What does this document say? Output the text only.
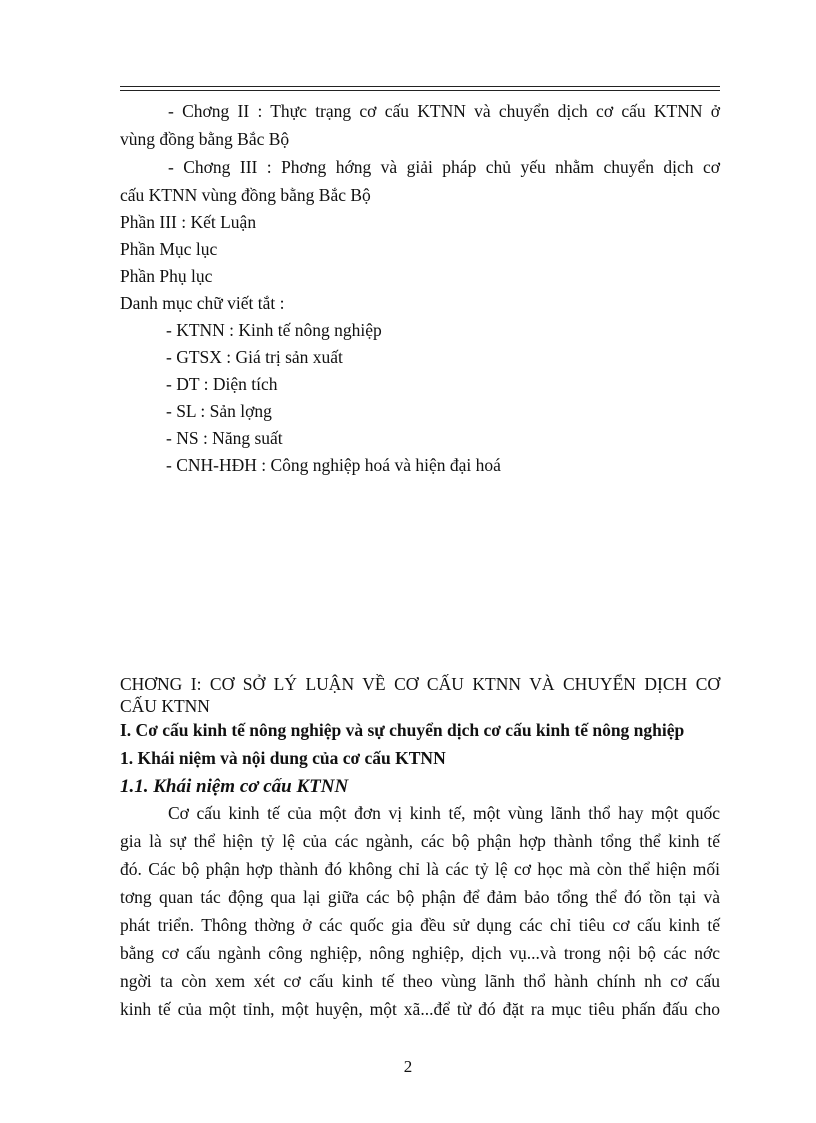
- Chơng II : Thực trạng cơ cấu KTNN và chuyển dịch cơ cấu KTNN ở
vùng đồng bằng Bắc Bộ
- Chơng III : Phơng hớng và giải pháp chủ yếu nhằm chuyển dịch cơ
cấu KTNN vùng đồng bằng Bắc Bộ
Phần III : Kết Luận
Phần Mục lục
Phần Phụ lục
Danh mục chữ viết tắt :
- KTNN : Kinh tế nông nghiệp
- GTSX : Giá trị sản xuất
- DT : Diện tích
- SL : Sản lợng
- NS : Năng suất
- CNH-HĐH : Công nghiệp hoá và hiện đại hoá
CHƠNG I: CƠ SỞ LÝ LUẬN VỀ CƠ CẤU KTNN VÀ CHUYỂN DỊCH CƠ
CẤU KTNN
I. Cơ cấu kinh tế nông nghiệp và sự chuyển dịch cơ cấu kinh tế nông nghiệp
1. Khái niệm và nội dung của cơ cấu KTNN
1.1. Khái niệm cơ cấu KTNN
Cơ cấu kinh tế của một đơn vị kinh tế, một vùng lãnh thổ hay một quốc
gia là sự thể hiện tỷ lệ của các ngành, các bộ phận hợp thành tổng thể kinh tế
đó. Các bộ phận hợp thành đó không chỉ là các tỷ lệ cơ học mà còn thể hiện mối
tơng quan tác động qua lại giữa các bộ phận để đảm bảo tổng thể đó tồn tại và
phát triển. Thông thờng ở các quốc gia đều sử dụng các chỉ tiêu cơ cấu kinh tế
bằng cơ cấu ngành công nghiệp, nông nghiệp, dịch vụ...và trong nội bộ các nớc
ngời ta còn xem xét cơ cấu kinh tế theo vùng lãnh thổ hành chính nh cơ cấu
kinh tế của một tỉnh, một huyện, một xã...để từ đó đặt ra mục tiêu phấn đấu cho
2
